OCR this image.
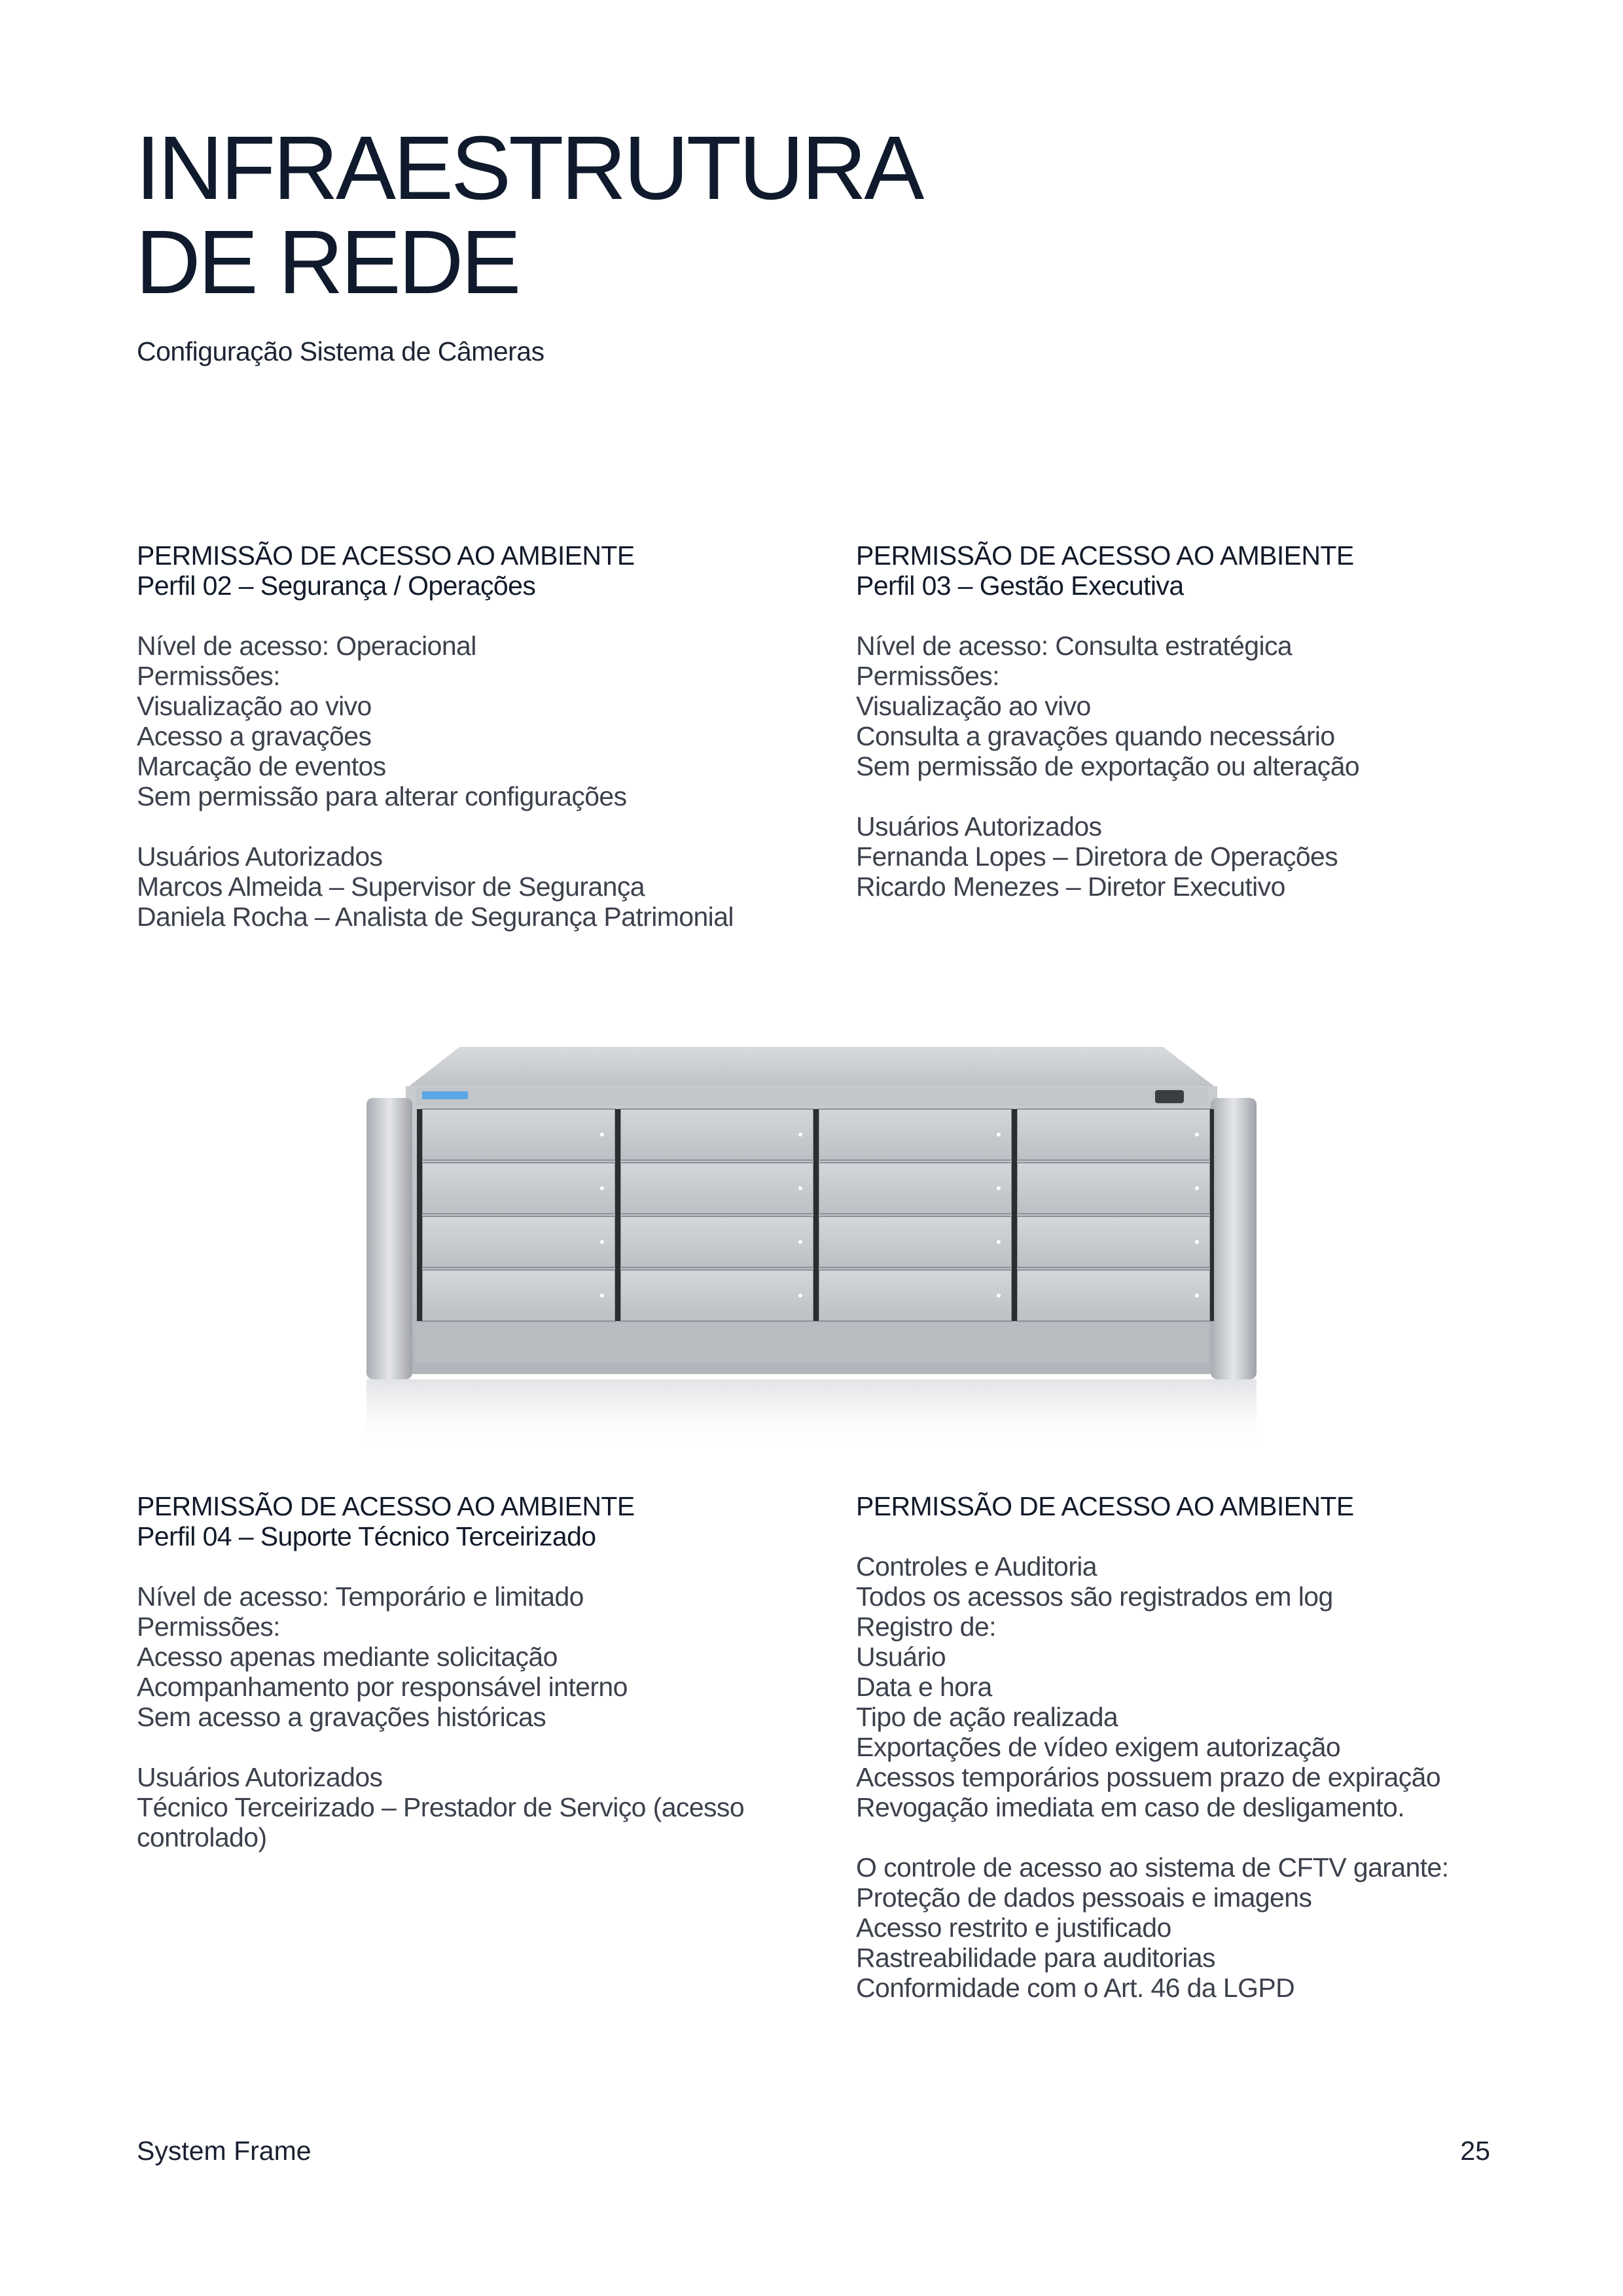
INFRAESTRUTURA
DE REDE
Configuração Sistema de Câmeras
PERMISSÃO DE ACESSO AO AMBIENTE
Perfil 02 – Segurança / Operações
Nível de acesso: Operacional
Permissões:
Visualização ao vivo
Acesso a gravações
Marcação de eventos
Sem permissão para alterar configurações
Usuários Autorizados
Marcos Almeida – Supervisor de Segurança
Daniela Rocha – Analista de Segurança Patrimonial
PERMISSÃO DE ACESSO AO AMBIENTE
Perfil 03 – Gestão Executiva
Nível de acesso: Consulta estratégica
Permissões:
Visualização ao vivo
Consulta a gravações quando necessário
Sem permissão de exportação ou alteração
Usuários Autorizados
Fernanda Lopes – Diretora de Operações
Ricardo Menezes – Diretor Executivo
PERMISSÃO DE ACESSO AO AMBIENTE
Perfil 04 – Suporte Técnico Terceirizado
Nível de acesso: Temporário e limitado
Permissões:
Acesso apenas mediante solicitação
Acompanhamento por responsável interno
Sem acesso a gravações históricas
Usuários Autorizados
Técnico Terceirizado – Prestador de Serviço (acesso
controlado)
PERMISSÃO DE ACESSO AO AMBIENTE
Controles e Auditoria
Todos os acessos são registrados em log
Registro de:
Usuário
Data e hora
Tipo de ação realizada
Exportações de vídeo exigem autorização
Acessos temporários possuem prazo de expiração
Revogação imediata em caso de desligamento.
O controle de acesso ao sistema de CFTV garante:
Proteção de dados pessoais e imagens
Acesso restrito e justificado
Rastreabilidade para auditorias
Conformidade com o Art. 46 da LGPD
System Frame	25
